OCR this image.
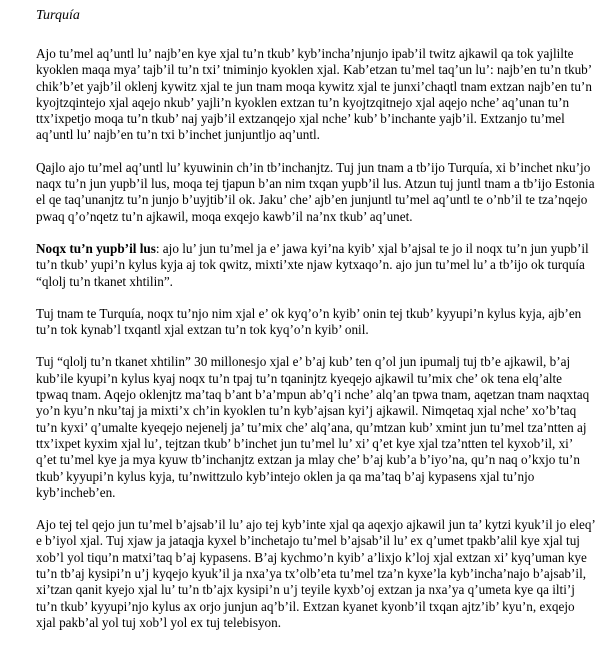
Turquía

Ajo tu’mel aq’untl lu’ najb’en kye xjal tu’n tkub’ kyb’incha’njunjo ipab’il twitz ajkawil qa tok yajlilte kyoklen maqa mya’ tajb’il tu’n txi’ tniminjo kyoklen xjal. Kab’etzan tu’mel taq’un lu’: najb’en tu’n tkub’ chik’b’et yajb’il oklenj kywitz xjal te jun tnam moqa kywitz xjal te junxi’chaqtl tnam extzan najb’en tu’n kyojtzqintejo xjal aqejo nkub’ yajli’n kyoklen extzan tu’n kyojtzqitnejo xjal aqejo nche’ aq’unan tu’n ttx’ixpetjo moqa tu’n tkub’ naj yajb’il extzanqejo xjal nche’ kub’ b’inchante yajb’il. Extzanjo tu’mel aq’untl lu’ najb’en tu’n txi b’inchet junjuntljo aq’untl.

Qajlo ajo tu’mel aq’untl lu’ kyuwinin ch’in tb’inchanjtz. Tuj jun tnam a tb’ijo Turquía, xi b’inchet nku’jo naqx tu’n jun yupb’il lus, moqa tej tjapun b’an nim txqan yupb’il lus. Atzun tuj juntl tnam a tb’ijo Estonia el qe taq’unanjtz tu’n junjo b’uyjtib’il ok. Jaku’ che’ ajb’en junjuntl tu’mel aq’untl te o’nb’il te tza’nqejo pwaq q’o’nqetz tu’n ajkawil, moqa exqejo kawb’il na’nx tkub’ aq’unet.

Noqx tu’n yupb’il lus: ajo lu’ jun tu’mel ja e’ jawa kyi’na kyib’ xjal b’ajsal te jo il noqx tu’n jun yupb’il tu’n tkub’ yupi’n kylus kyja aj tok qwitz, mixti’xte njaw kytxaqo’n. ajo jun tu’mel lu’ a tb’ijo ok turquía “qlolj tu’n tkanet xhtilin”.

Tuj tnam te Turquía, noqx tu’njo nim xjal e’ ok kyq’o’n kyib’ onin tej tkub’ kyyupi’n kylus kyja, ajb’en tu’n tok kynab’l txqantl xjal extzan tu’n tok kyq’o’n kyib’ onil.

Tuj “qlolj tu’n tkanet xhtilin” 30 millonesjo xjal e’ b’aj kub’ ten q’ol jun ipumalj tuj tb’e ajkawil, b’aj kub’ile kyupi’n kylus kyaj noqx tu’n tpaj tu’n tqaninjtz kyeqejo ajkawil tu’mix che’ ok tena elq’alte tpwaq tnam. Aqejo oklenjtz ma’taq b’ant b’a’mpun ab’q’i nche’ alq’an tpwa tnam, aqetzan tnam naqxtaq yo’n kyu’n nku’taj ja mixti’x ch’in kyoklen tu’n kyb’ajsan kyi’j ajkawil. Nimqetaq xjal nche’ xo’b’taq tu’n kyxi’ q’umalte kyeqejo nejenelj ja’ tu’mix che’ alq’ana, qu’mtzan kub’ xmint jun tu’mel tza’ntten aj ttx’ixpet kyxim xjal lu’, tejtzan tkub’ b’inchet jun tu’mel lu’ xi’ q’et kye xjal tza’ntten tel kyxob’il, xi’ q’et tu’mel kye ja mya kyuw tb’inchanjtz extzan ja mlay che’ b’aj kub’a b’iyo’na, qu’n naq o’kxjo tu’n tkub’ kyyupi’n kylus kyja, tu’nwittzulo kyb’intejo oklen ja qa ma’taq b’aj kypasens xjal tu’njo kyb’incheb’en.

Ajo tej tel qejo jun tu’mel b’ajsab’il lu’ ajo tej kyb’inte xjal qa aqexjo ajkawil jun ta’ kytzi kyuk’il jo eleq’ e b’iyol xjal. Tuj xjaw ja jataqja kyxel b’inchetajo tu’mel b’ajsab’il lu’ ex q’umet tpakb’alil kye xjal tuj xob’l yol tiqu’n matxi’taq b’aj kypasens. B’aj kychmo’n kyib’ a’lixjo k’loj xjal extzan xi’ kyq’uman kye tu’n tb’aj kysipi’n u’j kyqejo kyuk’il ja nxa’ya tx’olb’eta tu’mel tza’n kyxe’la kyb’incha’najo b’ajsab’il, xi’tzan qanit kyejo xjal lu’ tu’n tb’ajx kysipi’n u’j teyile kyxb’oj extzan ja nxa’ya q’umeta kye qa ilti’j tu’n tkub’ kyyupi’njo kylus ax orjo junjun aq’b’il. Extzan kyanet kyonb’il txqan ajtz’ib’ kyu’n, exqejo xjal pakb’al yol tuj xob’l yol ex tuj telebisyon.
